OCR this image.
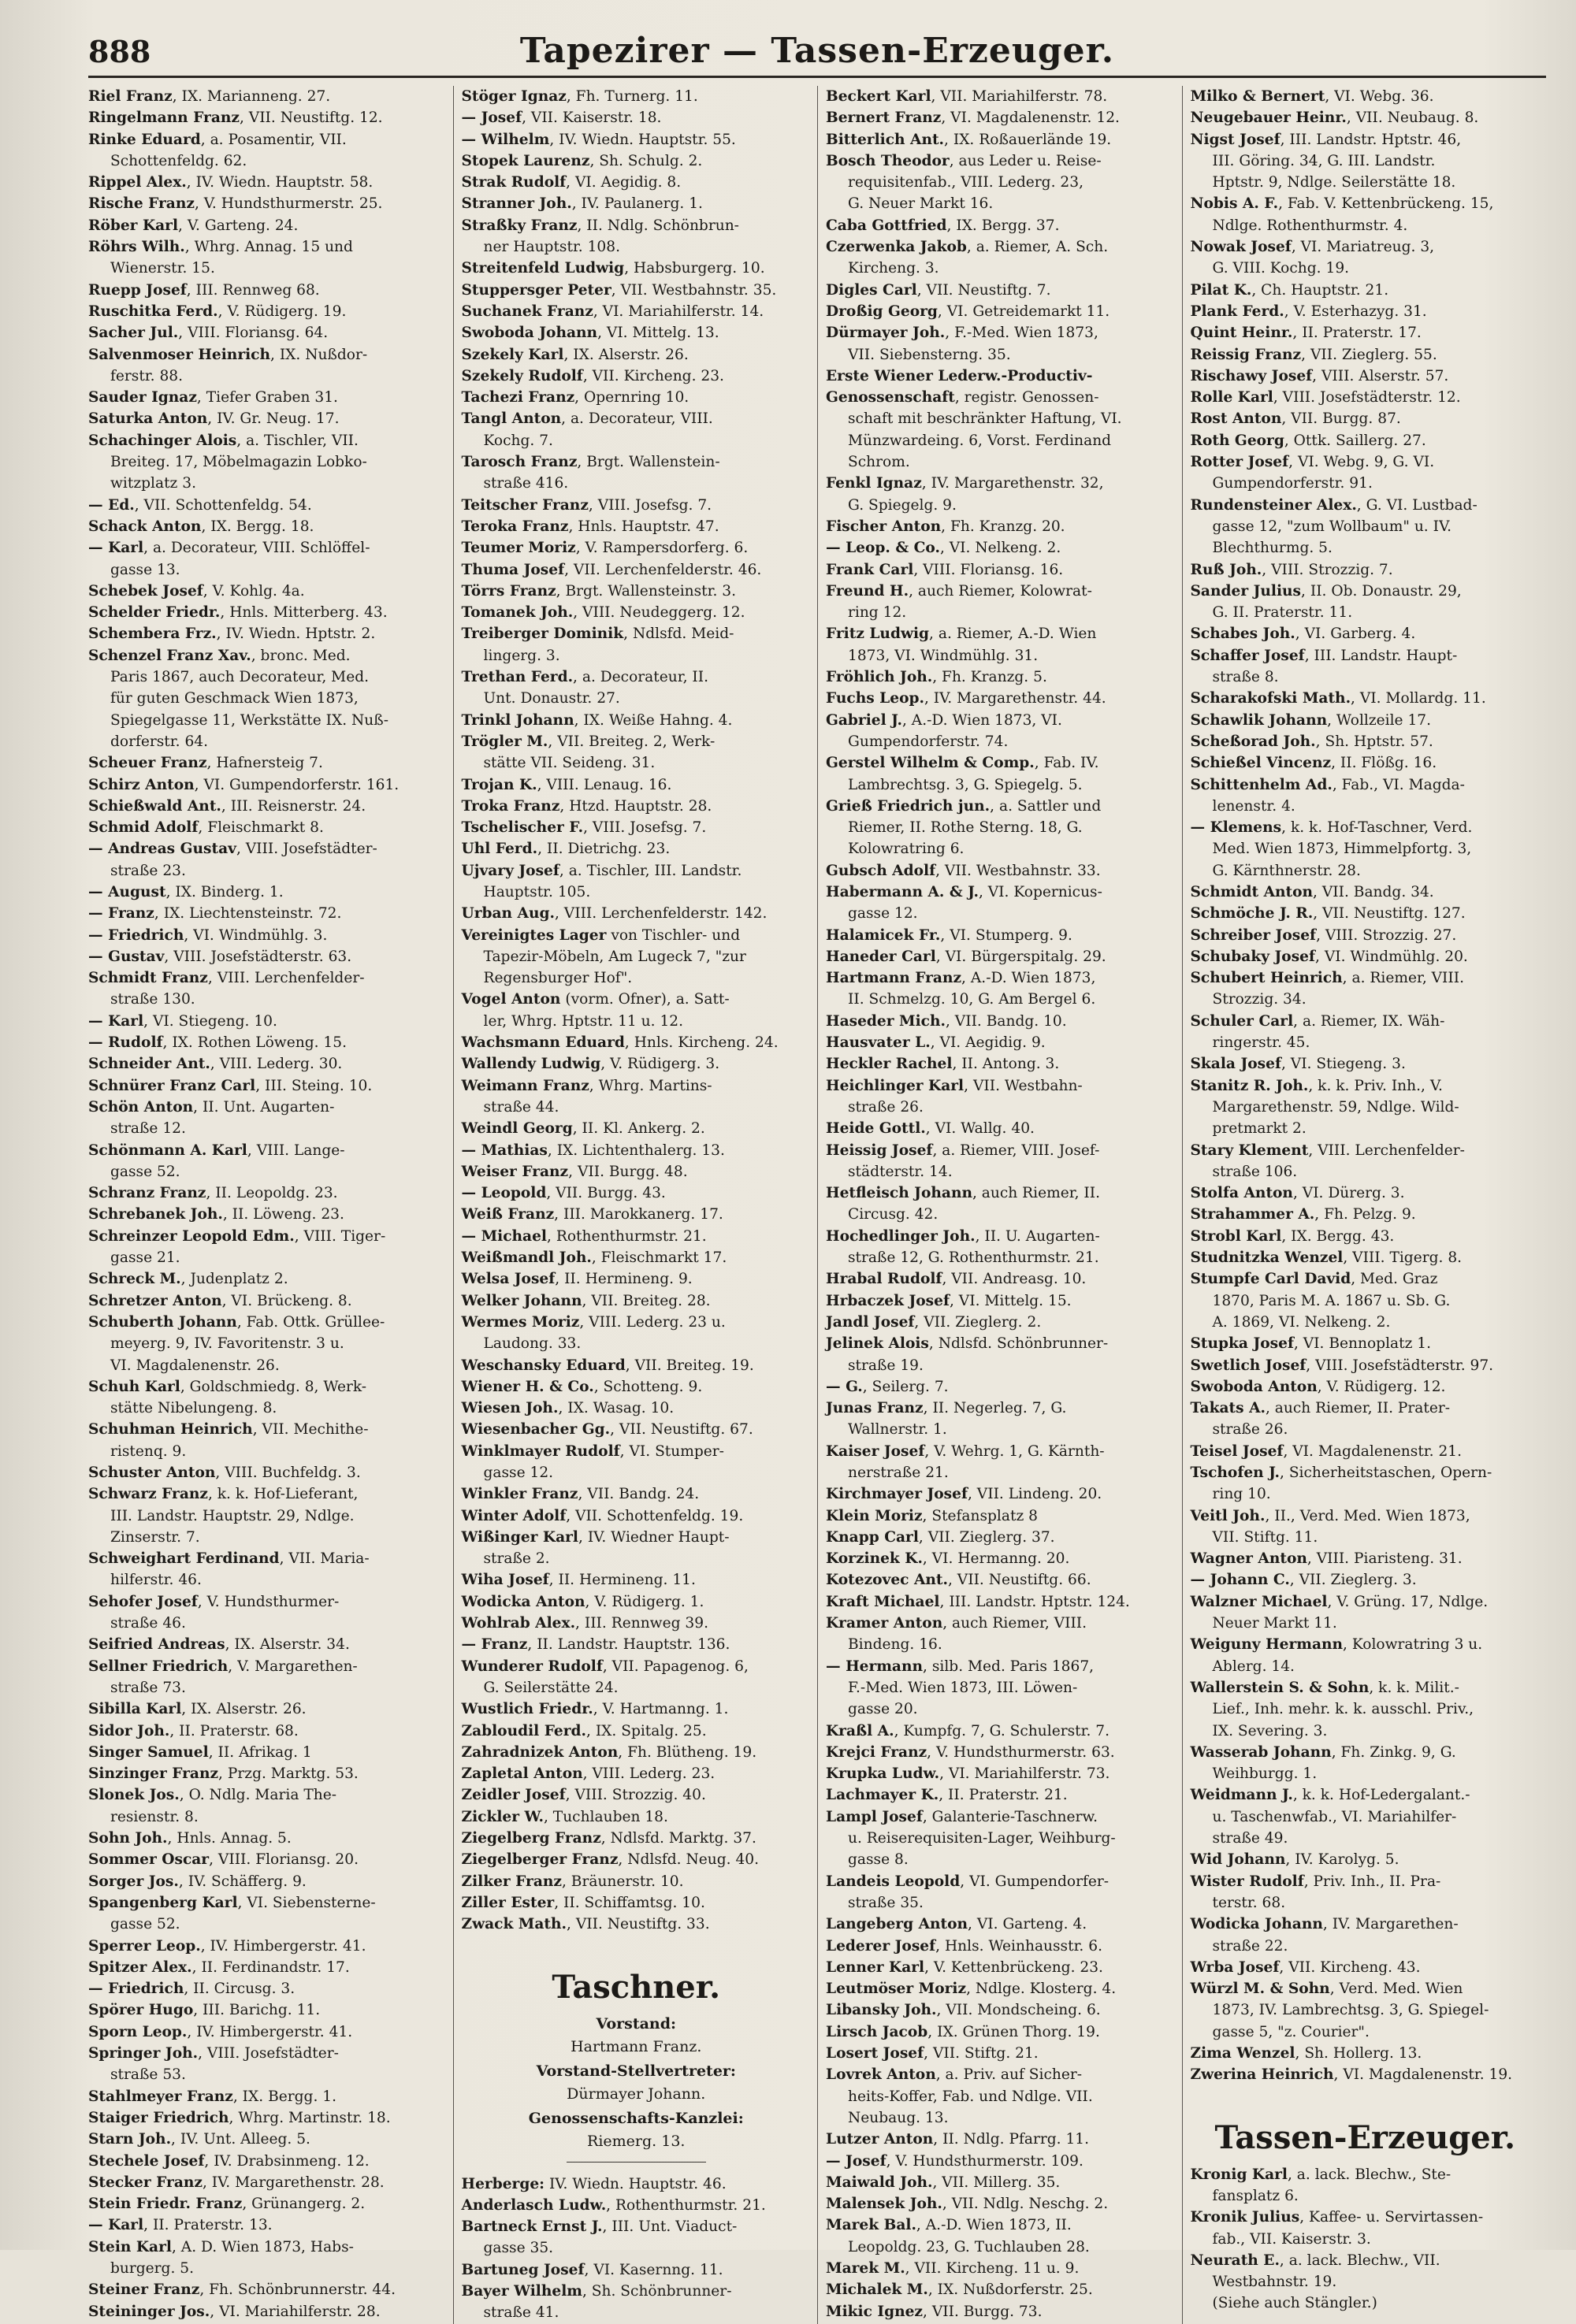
888	Tapezirer — Tassen-Erzeuger.

Riel Franz, IX. Marianneng. 27.

Ringelmann Franz, VII. Neustiftg. 12.

Rinke Eduard, a. Posamentir, VII.

Schottenfeldg. 62.

Rippel Alex., IV. Wiedn. Hauptstr. 58.

Rische Franz, V. Hundsthurmerstr. 25.

Röber Karl, V. Garteng. 24.

Röhrs Wilh., Whrg. Annag. 15 und

Wienerstr. 15.

Ruepp Josef, III. Rennweg 68.

Ruschitka Ferd., V. Rüdigerg. 19.

Sacher Jul., VIII. Floriansg. 64.

Salvenmoser Heinrich, IX. Nußdor-

ferstr. 88.

Sauder Ignaz, Tiefer Graben 31.

Saturka Anton, IV. Gr. Neug. 17.

Schachinger Alois, a. Tischler, VII.

Breiteg. 17, Möbelmagazin Lobko-

witzplatz 3.

— Ed., VII. Schottenfeldg. 54.

Schack Anton, IX. Bergg. 18.

— Karl, a. Decorateur, VIII. Schlöffel-

gasse 13.

Schebek Josef, V. Kohlg. 4a.

Schelder Friedr., Hnls. Mitterberg. 43.

Schembera Frz., IV. Wiedn. Hptstr. 2.

Schenzel Franz Xav., bronc. Med.

Paris 1867, auch Decorateur, Med.

für guten Geschmack Wien 1873,

Spiegelgasse 11, Werkstätte IX. Nuß-

dorferstr. 64.

Scheuer Franz, Hafnersteig 7.

Schirz Anton, VI. Gumpendorferstr. 161.

Schießwald Ant., III. Reisnerstr. 24.

Schmid Adolf, Fleischmarkt 8.

— Andreas Gustav, VIII. Josefstädter-

straße 23.

— August, IX. Binderg. 1.

— Franz, IX. Liechtensteinstr. 72.

— Friedrich, VI. Windmühlg. 3.

— Gustav, VIII. Josefstädterstr. 63.

Schmidt Franz, VIII. Lerchenfelder-

straße 130.

— Karl, VI. Stiegeng. 10.

— Rudolf, IX. Rothen Löweng. 15.

Schneider Ant., VIII. Lederg. 30.

Schnürer Franz Carl, III. Steing. 10.

Schön Anton, II. Unt. Augarten-

straße 12.

Schönmann A. Karl, VIII. Lange-

gasse 52.

Schranz Franz, II. Leopoldg. 23.

Schrebanek Joh., II. Löweng. 23.

Schreinzer Leopold Edm., VIII. Tiger-

gasse 21.

Schreck M., Judenplatz 2.

Schretzer Anton, VI. Brückeng. 8.

Schuberth Johann, Fab. Ottk. Grüllee-

meyerg. 9, IV. Favoritenstr. 3 u.

VI. Magdalenenstr. 26.

Schuh Karl, Goldschmiedg. 8, Werk-

stätte Nibelungeng. 8.

Schuhman Heinrich, VII. Mechithe-

ristenq. 9.

Schuster Anton, VIII. Buchfeldg. 3.

Schwarz Franz, k. k. Hof-Lieferant,

III. Landstr. Hauptstr. 29, Ndlge.

Zinserstr. 7.

Schweighart Ferdinand, VII. Maria-

hilferstr. 46.

Sehofer Josef, V. Hundsthurmer-

straße 46.

Seifried Andreas, IX. Alserstr. 34.

Sellner Friedrich, V. Margarethen-

straße 73.

Sibilla Karl, IX. Alserstr. 26.

Sidor Joh., II. Praterstr. 68.

Singer Samuel, II. Afrikag. 1

Sinzinger Franz, Przg. Marktg. 53.

Slonek Jos., O. Ndlg. Maria The-

resienstr. 8.

Sohn Joh., Hnls. Annag. 5.

Sommer Oscar, VIII. Floriansg. 20.

Sorger Jos., IV. Schäfferg. 9.

Spangenberg Karl, VI. Siebensterne-

gasse 52.

Sperrer Leop., IV. Himbergerstr. 41.

Spitzer Alex., II. Ferdinandstr. 17.

— Friedrich, II. Circusg. 3.

Spörer Hugo, III. Barichg. 11.

Sporn Leop., IV. Himbergerstr. 41.

Springer Joh., VIII. Josefstädter-

straße 53.

Stahlmeyer Franz, IX. Bergg. 1.

Staiger Friedrich, Whrg. Martinstr. 18.

Starn Joh., IV. Unt. Alleeg. 5.

Stechele Josef, IV. Drabsinmeng. 12.

Stecker Franz, IV. Margarethenstr. 28.

Stein Friedr. Franz, Grünangerg. 2.

— Karl, II. Praterstr. 13.

Stein Karl, A. D. Wien 1873, Habs-

burgerg. 5.

Steiner Franz, Fh. Schönbrunnerstr. 44.

Steininger Jos., VI. Mariahilferstr. 28.

Stöger Ignaz, Fh. Turnerg. 11.

— Josef, VII. Kaiserstr. 18.

— Wilhelm, IV. Wiedn. Hauptstr. 55.

Stopek Laurenz, Sh. Schulg. 2.

Strak Rudolf, VI. Aegidig. 8.

Stranner Joh., IV. Paulanerg. 1.

Straßky Franz, II. Ndlg. Schönbrun-

ner Hauptstr. 108.

Streitenfeld Ludwig, Habsburgerg. 10.

Stuppersger Peter, VII. Westbahnstr. 35.

Suchanek Franz, VI. Mariahilferstr. 14.

Swoboda Johann, VI. Mittelg. 13.

Szekely Karl, IX. Alserstr. 26.

Szekely Rudolf, VII. Kircheng. 23.

Tachezi Franz, Opernring 10.

Tangl Anton, a. Decorateur, VIII.

Kochg. 7.

Tarosch Franz, Brgt. Wallenstein-

straße 416.

Teitscher Franz, VIII. Josefsg. 7.

Teroka Franz, Hnls. Hauptstr. 47.

Teumer Moriz, V. Rampersdorferg. 6.

Thuma Josef, VII. Lerchenfelderstr. 46.

Törrs Franz, Brgt. Wallensteinstr. 3.

Tomanek Joh., VIII. Neudeggerg. 12.

Treiberger Dominik, Ndlsfd. Meid-

lingerg. 3.

Trethan Ferd., a. Decorateur, II.

Unt. Donaustr. 27.

Trinkl Johann, IX. Weiße Hahng. 4.

Trögler M., VII. Breiteg. 2, Werk-

stätte VII. Seideng. 31.

Trojan K., VIII. Lenaug. 16.

Troka Franz, Htzd. Hauptstr. 28.

Tschelischer F., VIII. Josefsg. 7.

Uhl Ferd., II. Dietrichg. 23.

Ujvary Josef, a. Tischler, III. Landstr.

Hauptstr. 105.

Urban Aug., VIII. Lerchenfelderstr. 142.

Vereinigtes Lager von Tischler- und

Tapezir-Möbeln, Am Lugeck 7, "zur

Regensburger Hof".

Vogel Anton (vorm. Ofner), a. Satt-

ler, Whrg. Hptstr. 11 u. 12.

Wachsmann Eduard, Hnls. Kircheng. 24.

Wallendy Ludwig, V. Rüdigerg. 3.

Weimann Franz, Whrg. Martins-

straße 44.

Weindl Georg, II. Kl. Ankerg. 2.

— Mathias, IX. Lichtenthalerg. 13.

Weiser Franz, VII. Burgg. 48.

— Leopold, VII. Burgg. 43.

Weiß Franz, III. Marokkanerg. 17.

— Michael, Rothenthurmstr. 21.

Weißmandl Joh., Fleischmarkt 17.

Welsa Josef, II. Hermineng. 9.

Welker Johann, VII. Breiteg. 28.

Wermes Moriz, VIII. Lederg. 23 u.

Laudong. 33.

Weschansky Eduard, VII. Breiteg. 19.

Wiener H. & Co., Schotteng. 9.

Wiesen Joh., IX. Wasag. 10.

Wiesenbacher Gg., VII. Neustiftg. 67.

Winklmayer Rudolf, VI. Stumper-

gasse 12.

Winkler Franz, VII. Bandg. 24.

Winter Adolf, VII. Schottenfeldg. 19.

Wißinger Karl, IV. Wiedner Haupt-

straße 2.

Wiha Josef, II. Hermineng. 11.

Wodicka Anton, V. Rüdigerg. 1.

Wohlrab Alex., III. Rennweg 39.

— Franz, II. Landstr. Hauptstr. 136.

Wunderer Rudolf, VII. Papagenog. 6,

G. Seilerstätte 24.

Wustlich Friedr., V. Hartmanng. 1.

Zabloudil Ferd., IX. Spitalg. 25.

Zahradnizek Anton, Fh. Blütheng. 19.

Zapletal Anton, VIII. Lederg. 23.

Zeidler Josef, VIII. Strozzig. 40.

Zickler W., Tuchlauben 18.

Ziegelberg Franz, Ndlsfd. Marktg. 37.

Ziegelberger Franz, Ndlsfd. Neug. 40.

Zilker Franz, Bräunerstr. 10.

Ziller Ester, II. Schiffamtsg. 10.

Zwack Math., VII. Neustiftg. 33.

Taschner.
Vorstand:
Hartmann Franz.
Vorstand-Stellvertreter:
Dürmayer Johann.
Genossenschafts-Kanzlei:
Riemerg. 13.

Herberge: IV. Wiedn. Hauptstr. 46.

Anderlasch Ludw., Rothenthurmstr. 21.

Bartneck Ernst J., III. Unt. Viaduct-

gasse 35.

Bartuneg Josef, VI. Kasernng. 11.

Bayer Wilhelm, Sh. Schönbrunner-

straße 41.

Beckert Karl, VII. Mariahilferstr. 78.

Bernert Franz, VI. Magdalenenstr. 12.

Bitterlich Ant., IX. Roßauerlände 19.

Bosch Theodor, aus Leder u. Reise-

requisitenfab., VIII. Lederg. 23,

G. Neuer Markt 16.

Caba Gottfried, IX. Bergg. 37.

Czerwenka Jakob, a. Riemer, A. Sch.

Kircheng. 3.

Digles Carl, VII. Neustiftg. 7.

Droßig Georg, VI. Getreidemarkt 11.

Dürmayer Joh., F.-Med. Wien 1873,

VII. Siebensterng. 35.

Erste Wiener Lederw.-Productiv-

Genossenschaft, registr. Genossen-

schaft mit beschränkter Haftung, VI.

Münzwardeing. 6, Vorst. Ferdinand

Schrom.

Fenkl Ignaz, IV. Margarethenstr. 32,

G. Spiegelg. 9.

Fischer Anton, Fh. Kranzg. 20.

— Leop. & Co., VI. Nelkeng. 2.

Frank Carl, VIII. Floriansg. 16.

Freund H., auch Riemer, Kolowrat-

ring 12.

Fritz Ludwig, a. Riemer, A.-D. Wien

1873, VI. Windmühlg. 31.

Fröhlich Joh., Fh. Kranzg. 5.

Fuchs Leop., IV. Margarethenstr. 44.

Gabriel J., A.-D. Wien 1873, VI.

Gumpendorferstr. 74.

Gerstel Wilhelm & Comp., Fab. IV.

Lambrechtsg. 3, G. Spiegelg. 5.

Grieß Friedrich jun., a. Sattler und

Riemer, II. Rothe Sterng. 18, G.

Kolowratring 6.

Gubsch Adolf, VII. Westbahnstr. 33.

Habermann A. & J., VI. Kopernicus-

gasse 12.

Halamicek Fr., VI. Stumperg. 9.

Haneder Carl, VI. Bürgerspitalg. 29.

Hartmann Franz, A.-D. Wien 1873,

II. Schmelzg. 10, G. Am Bergel 6.

Haseder Mich., VII. Bandg. 10.

Hausvater L., VI. Aegidig. 9.

Heckler Rachel, II. Antong. 3.

Heichlinger Karl, VII. Westbahn-

straße 26.

Heide Gottl., VI. Wallg. 40.

Heissig Josef, a. Riemer, VIII. Josef-

städterstr. 14.

Hetfleisch Johann, auch Riemer, II.

Circusg. 42.

Hochedlinger Joh., II. U. Augarten-

straße 12, G. Rothenthurmstr. 21.

Hrabal Rudolf, VII. Andreasg. 10.

Hrbaczek Josef, VI. Mittelg. 15.

Jandl Josef, VII. Zieglerg. 2.

Jelinek Alois, Ndlsfd. Schönbrunner-

straße 19.

— G., Seilerg. 7.

Junas Franz, II. Negerleg. 7, G.

Wallnerstr. 1.

Kaiser Josef, V. Wehrg. 1, G. Kärnth-

nerstraße 21.

Kirchmayer Josef, VII. Lindeng. 20.

Klein Moriz, Stefansplatz 8

Knapp Carl, VII. Zieglerg. 37.

Korzinek K., VI. Hermanng. 20.

Kotezovec Ant., VII. Neustiftg. 66.

Kraft Michael, III. Landstr. Hptstr. 124.

Kramer Anton, auch Riemer, VIII.

Bindeng. 16.

— Hermann, silb. Med. Paris 1867,

F.-Med. Wien 1873, III. Löwen-

gasse 20.

Kraßl A., Kumpfg. 7, G. Schulerstr. 7.

Krejci Franz, V. Hundsthurmerstr. 63.

Krupka Ludw., VI. Mariahilferstr. 73.

Lachmayer K., II. Praterstr. 21.

Lampl Josef, Galanterie-Taschnerw.

u. Reiserequisiten-Lager, Weihburg-

gasse 8.

Landeis Leopold, VI. Gumpendorfer-

straße 35.

Langeberg Anton, VI. Garteng. 4.

Lederer Josef, Hnls. Weinhausstr. 6.

Lenner Karl, V. Kettenbrückeng. 23.

Leutmöser Moriz, Ndlge. Klosterg. 4.

Libansky Joh., VII. Mondscheing. 6.

Lirsch Jacob, IX. Grünen Thorg. 19.

Losert Josef, VII. Stiftg. 21.

Lovrek Anton, a. Priv. auf Sicher-

heits-Koffer, Fab. und Ndlge. VII.

Neubaug. 13.

Lutzer Anton, II. Ndlg. Pfarrg. 11.

— Josef, V. Hundsthurmerstr. 109.

Maiwald Joh., VII. Millerg. 35.

Malensek Joh., VII. Ndlg. Neschg. 2.

Marek Bal., A.-D. Wien 1873, II.

Leopoldg. 23, G. Tuchlauben 28.

Marek M., VII. Kircheng. 11 u. 9.

Michalek M., IX. Nußdorferstr. 25.

Mikic Ignez, VII. Burgg. 73.

Milko & Bernert, VI. Webg. 36.

Neugebauer Heinr., VII. Neubaug. 8.

Nigst Josef, III. Landstr. Hptstr. 46,

III. Göring. 34, G. III. Landstr.

Hptstr. 9, Ndlge. Seilerstätte 18.

Nobis A. F., Fab. V. Kettenbrückeng. 15,

Ndlge. Rothenthurmstr. 4.

Nowak Josef, VI. Mariatreug. 3,

G. VIII. Kochg. 19.

Pilat K., Ch. Hauptstr. 21.

Plank Ferd., V. Esterhazyg. 31.

Quint Heinr., II. Praterstr. 17.

Reissig Franz, VII. Zieglerg. 55.

Rischawy Josef, VIII. Alserstr. 57.

Rolle Karl, VIII. Josefstädterstr. 12.

Rost Anton, VII. Burgg. 87.

Roth Georg, Ottk. Saillerg. 27.

Rotter Josef, VI. Webg. 9, G. VI.

Gumpendorferstr. 91.

Rundensteiner Alex., G. VI. Lustbad-

gasse 12, "zum Wollbaum" u. IV.

Blechthurmg. 5.

Ruß Joh., VIII. Strozzig. 7.

Sander Julius, II. Ob. Donaustr. 29,

G. II. Praterstr. 11.

Schabes Joh., VI. Garberg. 4.

Schaffer Josef, III. Landstr. Haupt-

straße 8.

Scharakofski Math., VI. Mollardg. 11.

Schawlik Johann, Wollzeile 17.

Scheßorad Joh., Sh. Hptstr. 57.

Schießel Vincenz, II. Flößg. 16.

Schittenhelm Ad., Fab., VI. Magda-

lenenstr. 4.

— Klemens, k. k. Hof-Taschner, Verd.

Med. Wien 1873, Himmelpfortg. 3,

G. Kärnthnerstr. 28.

Schmidt Anton, VII. Bandg. 34.

Schmöche J. R., VII. Neustiftg. 127.

Schreiber Josef, VIII. Strozzig. 27.

Schubaky Josef, VI. Windmühlg. 20.

Schubert Heinrich, a. Riemer, VIII.

Strozzig. 34.

Schuler Carl, a. Riemer, IX. Wäh-

ringerstr. 45.

Skala Josef, VI. Stiegeng. 3.

Stanitz R. Joh., k. k. Priv. Inh., V.

Margarethenstr. 59, Ndlge. Wild-

pretmarkt 2.

Stary Klement, VIII. Lerchenfelder-

straße 106.

Stolfa Anton, VI. Dürerg. 3.

Strahammer A., Fh. Pelzg. 9.

Strobl Karl, IX. Bergg. 43.

Studnitzka Wenzel, VIII. Tigerg. 8.

Stumpfe Carl David, Med. Graz

1870, Paris M. A. 1867 u. Sb. G.

A. 1869, VI. Nelkeng. 2.

Stupka Josef, VI. Bennoplatz 1.

Swetlich Josef, VIII. Josefstädterstr. 97.

Swoboda Anton, V. Rüdigerg. 12.

Takats A., auch Riemer, II. Prater-

straße 26.

Teisel Josef, VI. Magdalenenstr. 21.

Tschofen J., Sicherheitstaschen, Opern-

ring 10.

Veitl Joh., II., Verd. Med. Wien 1873,

VII. Stiftg. 11.

Wagner Anton, VIII. Piaristeng. 31.

— Johann C., VII. Zieglerg. 3.

Walzner Michael, V. Grüng. 17, Ndlge.

Neuer Markt 11.

Weiguny Hermann, Kolowratring 3 u.

Ablerg. 14.

Wallerstein S. & Sohn, k. k. Milit.-

Lief., Inh. mehr. k. k. ausschl. Priv.,

IX. Severing. 3.

Wasserab Johann, Fh. Zinkg. 9, G.

Weihburgg. 1.

Weidmann J., k. k. Hof-Ledergalant.-

u. Taschenwfab., VI. Mariahilfer-

straße 49.

Wid Johann, IV. Karolyg. 5.

Wister Rudolf, Priv. Inh., II. Pra-

terstr. 68.

Wodicka Johann, IV. Margarethen-

straße 22.

Wrba Josef, VII. Kircheng. 43.

Würzl M. & Sohn, Verd. Med. Wien

1873, IV. Lambrechtsg. 3, G. Spiegel-

gasse 5, "z. Courier".

Zima Wenzel, Sh. Hollerg. 13.

Zwerina Heinrich, VI. Magdalenenstr. 19.

Tassen-Erzeuger.

Kronig Karl, a. lack. Blechw., Ste-

fansplatz 6.

Kronik Julius, Kaffee- u. Servirtassen-

fab., VII. Kaiserstr. 3.

Neurath E., a. lack. Blechw., VII.

Westbahnstr. 19.

(Siehe auch Stängler.)
